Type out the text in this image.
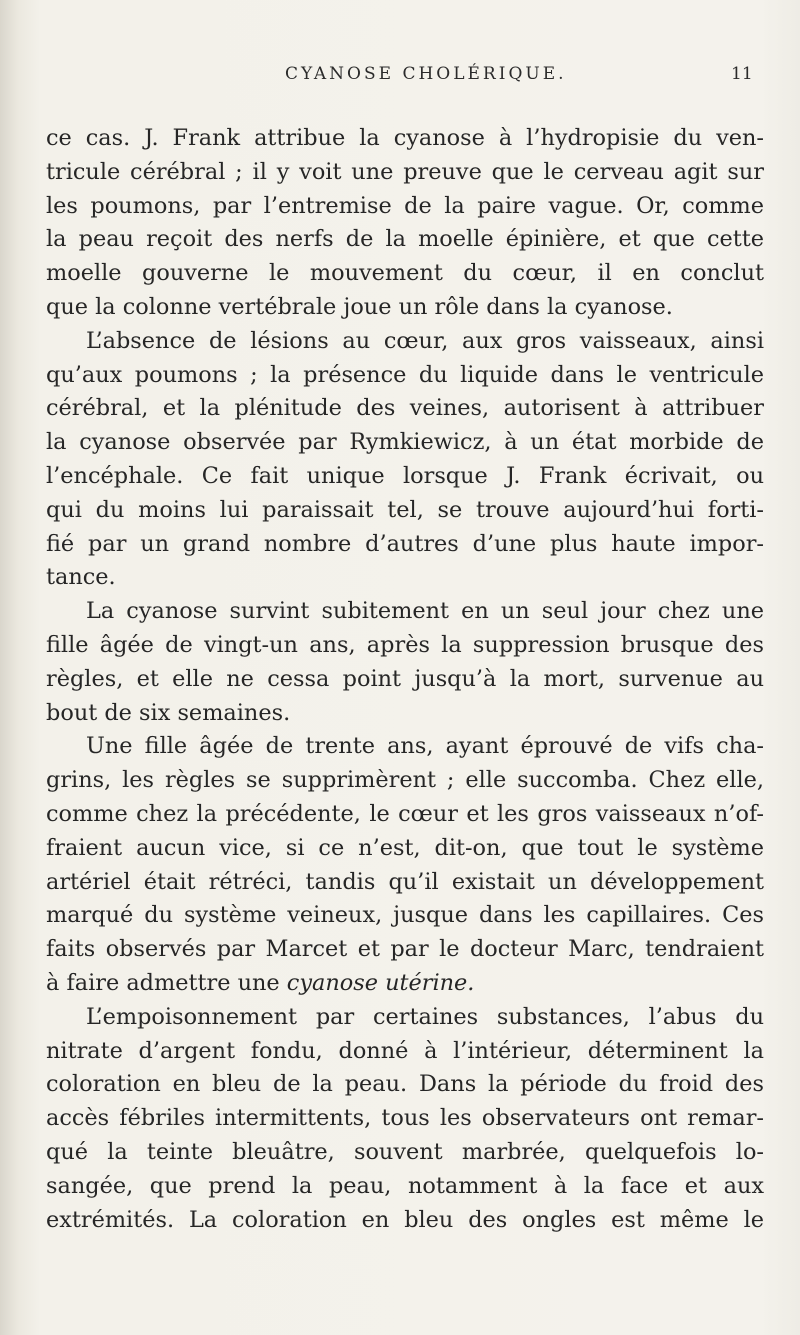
CYANOSE CHOLÉRIQUE.	11
ce cas. J. Frank attribue la cyanose à l’hydropisie du ven-
tricule cérébral ; il y voit une preuve que le cerveau agit sur
les poumons, par l’entremise de la paire vague. Or, comme
la peau reçoit des nerfs de la moelle épinière, et que cette
moelle gouverne le mouvement du cœur, il en conclut
que la colonne vertébrale joue un rôle dans la cyanose.
L’absence de lésions au cœur, aux gros vaisseaux, ainsi
qu’aux poumons ; la présence du liquide dans le ventricule
cérébral, et la plénitude des veines, autorisent à attribuer
la cyanose observée par Rymkiewicz, à un état morbide de
l’encéphale. Ce fait unique lorsque J. Frank écrivait, ou
qui du moins lui paraissait tel, se trouve aujourd’hui forti-
fié par un grand nombre d’autres d’une plus haute impor-
tance.
La cyanose survint subitement en un seul jour chez une
fille âgée de vingt-un ans, après la suppression brusque des
règles, et elle ne cessa point jusqu’à la mort, survenue au
bout de six semaines.
Une fille âgée de trente ans, ayant éprouvé de vifs cha-
grins, les règles se supprimèrent ; elle succomba. Chez elle,
comme chez la précédente, le cœur et les gros vaisseaux n’of-
fraient aucun vice, si ce n’est, dit-on, que tout le système
artériel était rétréci, tandis qu’il existait un développement
marqué du système veineux, jusque dans les capillaires. Ces
faits observés par Marcet et par le docteur Marc, tendraient
à faire admettre une cyanose utérine.
L’empoisonnement par certaines substances, l’abus du
nitrate d’argent fondu, donné à l’intérieur, déterminent la
coloration en bleu de la peau. Dans la période du froid des
accès fébriles intermittents, tous les observateurs ont remar-
qué la teinte bleuâtre, souvent marbrée, quelquefois lo-
sangée, que prend la peau, notamment à la face et aux
extrémités. La coloration en bleu des ongles est même le
